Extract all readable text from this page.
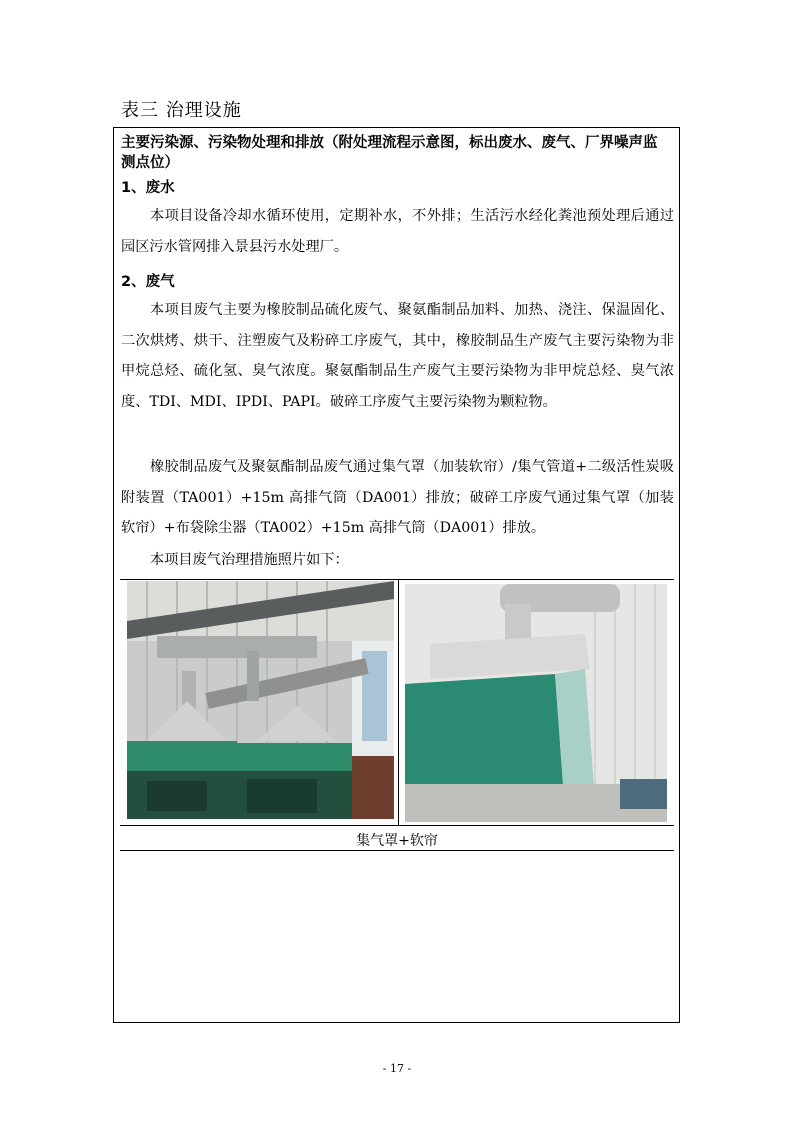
表三 治理设施
主要污染源、污染物处理和排放（附处理流程示意图，标出废水、废气、厂界噪声监测点位）
1、废水
本项目设备冷却水循环使用，定期补水，不外排；生活污水经化粪池预处理后通过园区污水管网排入景县污水处理厂。
2、废气
本项目废气主要为橡胶制品硫化废气、聚氨酯制品加料、加热、浇注、保温固化、二次烘烤、烘干、注塑废气及粉碎工序废气，其中，橡胶制品生产废气主要污染物为非甲烷总烃、硫化氢、臭气浓度。聚氨酯制品生产废气主要污染物为非甲烷总烃、臭气浓度、TDI、MDI、IPDI、PAPI。破碎工序废气主要污染物为颗粒物。
橡胶制品废气及聚氨酯制品废气通过集气罩（加装软帘）/集气管道+二级活性炭吸附装置（TA001）+15m 高排气筒（DA001）排放；破碎工序废气通过集气罩（加装软帘）+布袋除尘器（TA002）+15m 高排气筒（DA001）排放。
本项目废气治理措施照片如下：
集气罩+软帘
- 17 -
